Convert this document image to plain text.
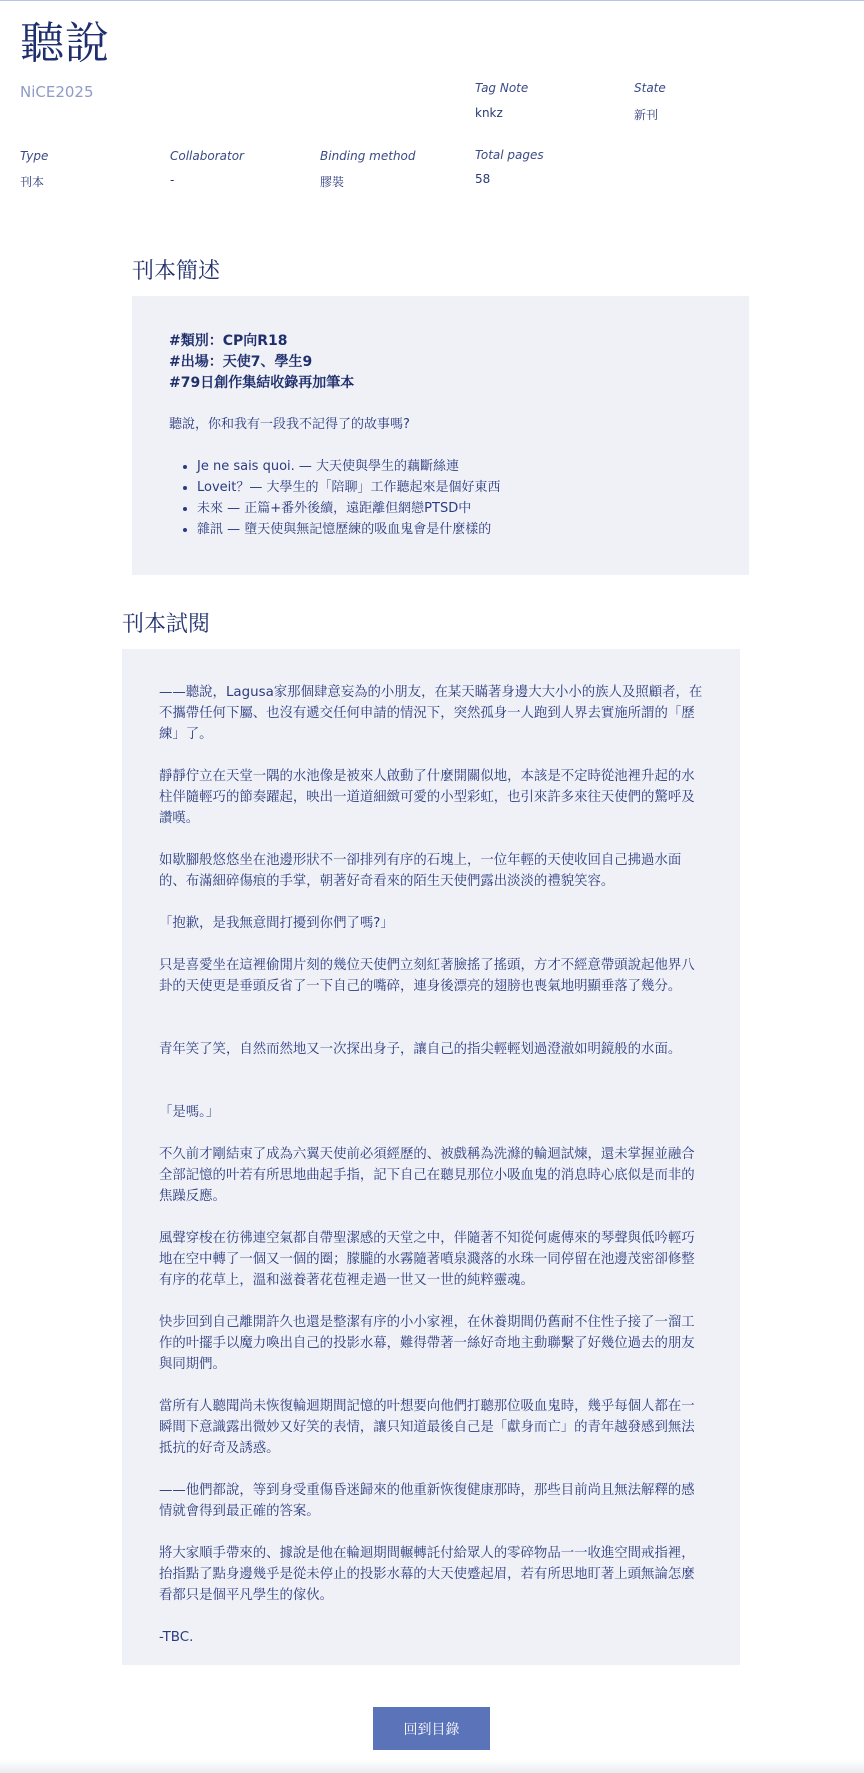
聽說
NiCE2025	Tag Note
knkz
State
新刊
Type
刊本
Collaborator
-
Binding method
膠裝
Total pages
58
刊本簡述
#類別：CP向R18
#出場：天使7、學生9
#79日創作集結收錄再加筆本
聽說，你和我有一段我不記得了的故事嗎?
• Je ne sais quoi. — 大天使與學生的藕斷絲連
• Loveit？— 大學生的「陪聊」工作聽起來是個好東西
• 未來 — 正篇+番外後續，遠距離但網戀PTSD中
• 雜訊 — 墮天使與無記憶歷練的吸血鬼會是什麼樣的
刊本試閱

——聽說，Lagusa家那個肆意妄為的小朋友，在某天瞞著身邊大大小小的族人及照顧者，在不攜帶任何下屬、也沒有遞交任何申請的情況下，突然孤身一人跑到人界去實施所謂的「歷練」了。

靜靜佇立在天堂一隅的水池像是被來人啟動了什麼開關似地，本該是不定時從池裡升起的水柱伴隨輕巧的節奏躍起，映出一道道細緻可愛的小型彩虹，也引來許多來往天使們的驚呼及讚嘆。

如歇腳般悠悠坐在池邊形狀不一卻排列有序的石塊上，一位年輕的天使收回自己拂過水面的、布滿細碎傷痕的手掌，朝著好奇看來的陌生天使們露出淡淡的禮貌笑容。

「抱歉，是我無意間打擾到你們了嗎?」

只是喜愛坐在這裡偷閒片刻的幾位天使們立刻紅著臉搖了搖頭，方才不經意帶頭說起他界八卦的天使更是垂頭反省了一下自己的嘴碎，連身後漂亮的翅膀也喪氣地明顯垂落了幾分。

青年笑了笑，自然而然地又一次探出身子，讓自己的指尖輕輕划過澄澈如明鏡般的水面。

「是嗎。」

不久前才剛結束了成為六翼天使前必須經歷的、被戲稱為洗滌的輪迴試煉，還未掌握並融合全部記憶的叶若有所思地曲起手指，記下自己在聽見那位小吸血鬼的消息時心底似是而非的焦躁反應。

風聲穿梭在彷彿連空氣都自帶聖潔感的天堂之中，伴隨著不知從何處傳來的琴聲與低吟輕巧地在空中轉了一個又一個的圈；朦朧的水霧隨著噴泉濺落的水珠一同停留在池邊茂密卻修整有序的花草上，溫和滋養著花苞裡走過一世又一世的純粹靈魂。

快步回到自己離開許久也還是整潔有序的小小家裡，在休養期間仍舊耐不住性子接了一溜工作的叶擺手以魔力喚出自己的投影水幕，難得帶著一絲好奇地主動聯繫了好幾位過去的朋友與同期們。

當所有人聽聞尚未恢復輪迴期間記憶的叶想要向他們打聽那位吸血鬼時，幾乎每個人都在一瞬間下意識露出微妙又好笑的表情，讓只知道最後自己是「獻身而亡」的青年越發感到無法抵抗的好奇及誘惑。

——他們都說，等到身受重傷昏迷歸來的他重新恢復健康那時，那些目前尚且無法解釋的感情就會得到最正確的答案。

將大家順手帶來的、據說是他在輪迴期間輾轉託付給眾人的零碎物品一一收進空間戒指裡，抬指點了點身邊幾乎是從未停止的投影水幕的大天使蹙起眉，若有所思地盯著上頭無論怎麼看都只是個平凡學生的傢伙。

-TBC.

回到目錄
